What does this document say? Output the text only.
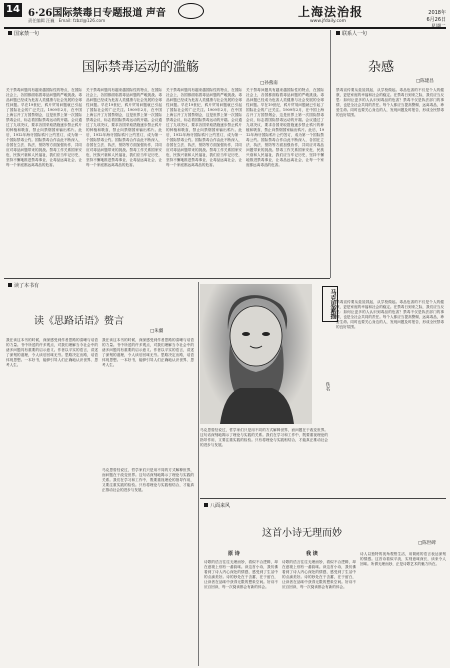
14 6·26国际禁毒日专题报道 声音
责任编辑 汪巍　Email: fzbzl@126.com
上海法治报	2018年
6月26日
www.jfdaily.com
国家禁一句
国际禁毒运动的滥觞
□孙燕南
关于禁毒问题具有越来越国际性的特点，在国际社会上，各国都面临着毒品问题的严峻挑战。毒品问题已经成为危害人类健康与社会发展的全球性问题。早在19世纪，鸦片贸易问题就已引起了国际社会的广泛关注。1909年2月，在中国上海召开了万国禁烟会，这是世界上第一次国际禁毒会议，标志着国际禁毒运动的开端。会议通过了九项决议，要求各国采取措施逐步禁止鸦片的种植和吸食，禁止向禁烟国家输出鸦片。此后，1912年海牙国际鸦片公约签订，成为第一个国际禁毒公约。国际禁毒合作由此不断深入，各国在立法、执法、预防等方面加强协作，共同应对毒品问题带来的挑战。禁毒工作关系国家安危、民族兴衰和人民福祉，我们应当牢记历史，坚持不懈地推进禁毒事业，让毒品远离社会，让每一个家庭都远离毒品的危害。
关于禁毒问题具有越来越国际性的特点，在国际社会上，各国都面临着毒品问题的严峻挑战。毒品问题已经成为危害人类健康与社会发展的全球性问题。早在19世纪，鸦片贸易问题就已引起了国际社会的广泛关注。1909年2月，在中国上海召开了万国禁烟会，这是世界上第一次国际禁毒会议，标志着国际禁毒运动的开端。会议通过了九项决议，要求各国采取措施逐步禁止鸦片的种植和吸食，禁止向禁烟国家输出鸦片。此后，1912年海牙国际鸦片公约签订，成为第一个国际禁毒公约。国际禁毒合作由此不断深入，各国在立法、执法、预防等方面加强协作，共同应对毒品问题带来的挑战。禁毒工作关系国家安危、民族兴衰和人民福祉，我们应当牢记历史，坚持不懈地推进禁毒事业，让毒品远离社会，让每一个家庭都远离毒品的危害。
关于禁毒问题具有越来越国际性的特点，在国际社会上，各国都面临着毒品问题的严峻挑战。毒品问题已经成为危害人类健康与社会发展的全球性问题。早在19世纪，鸦片贸易问题就已引起了国际社会的广泛关注。1909年2月，在中国上海召开了万国禁烟会，这是世界上第一次国际禁毒会议，标志着国际禁毒运动的开端。会议通过了九项决议，要求各国采取措施逐步禁止鸦片的种植和吸食，禁止向禁烟国家输出鸦片。此后，1912年海牙国际鸦片公约签订，成为第一个国际禁毒公约。国际禁毒合作由此不断深入，各国在立法、执法、预防等方面加强协作，共同应对毒品问题带来的挑战。禁毒工作关系国家安危、民族兴衰和人民福祉，我们应当牢记历史，坚持不懈地推进禁毒事业，让毒品远离社会，让每一个家庭都远离毒品的危害。
关于禁毒问题具有越来越国际性的特点，在国际社会上，各国都面临着毒品问题的严峻挑战。毒品问题已经成为危害人类健康与社会发展的全球性问题。早在19世纪，鸦片贸易问题就已引起了国际社会的广泛关注。1909年2月，在中国上海召开了万国禁烟会，这是世界上第一次国际禁毒会议，标志着国际禁毒运动的开端。会议通过了九项决议，要求各国采取措施逐步禁止鸦片的种植和吸食，禁止向禁烟国家输出鸦片。此后，1912年海牙国际鸦片公约签订，成为第一个国际禁毒公约。国际禁毒合作由此不断深入，各国在立法、执法、预防等方面加强协作，共同应对毒品问题带来的挑战。禁毒工作关系国家安危、民族兴衰和人民福祉，我们应当牢记历史，坚持不懈地推进禁毒事业，让毒品远离社会，让每一个家庭都远离毒品的危害。
联系人一句
杂感
□陈建昌
禁毒宣传要从娃娃抓起，从学校做起。毒品危害的不仅是个人的健康，更是家庭的幸福和社会的稳定。在禁毒日到来之际，我们应当反思：如何让更多的人认识到毒品的危害？禁毒不仅是执法部门的事情，也是全社会共同的责任。每个人都应当提高警惕，远离毒品，珍爱生命。同时也要关心身边的人，发现问题及时报告，形成全民禁毒的良好氛围。
禁毒宣传要从娃娃抓起，从学校做起。毒品危害的不仅是个人的健康，更是家庭的幸福和社会的稳定。在禁毒日到来之际，我们应当反思：如何让更多的人认识到毒品的危害？禁毒不仅是执法部门的事情，也是全社会共同的责任。每个人都应当提高警惕，远离毒品，珍爱生命。同时也要关心身边的人，发现问题及时报告，形成全民禁毒的良好氛围。
读了本书有
读《思路话语》赘言
□朱疆
我在读这本书的时候，深深感受到作者思路的清晰与话语的力量。书中所述的许多观点，对我们理解当今社会中的诸多问题具有重要的启示意义。作者以平实的语言，讲述了深刻的道理，令人读后回味无穷。思路决定出路，话语体现思想。一本好书，能够引导人们正确地认识世界、思考人生。
我在读这本书的时候，深深感受到作者思路的清晰与话语的力量。书中所述的许多观点，对我们理解当今社会中的诸多问题具有重要的启示意义。作者以平实的语言，讲述了深刻的道理，令人读后回味无穷。思路决定出路，话语体现思想。一本好书，能够引导人们正确地认识世界、思考人生。
马克思曾经说过，哲学家们只是用不同的方式解释世界，而问题在于改变世界。这句话深刻地揭示了理论与实践的关系。我们在学习和工作中，既要重视理论的指导作用，又要注重实践的检验。只有将理论与实践相结合，才能真正推动社会的进步与发展。
马克思素描
佚名
马克思曾经说过，哲学家们只是用不同的方式解释世界，而问题在于改变世界。这句话深刻地揭示了理论与实践的关系。我们在学习和工作中，既要重视理论的指导作用，又要注重实践的检验。只有将理论与实践相结合，才能真正推动社会的进步与发展。
八面来风
这首小诗无理而妙
□陈世碑
原 诗	我 读
诗歌的语言往往无理而妙，看似不合逻辑，却在意境上别有一番韵味。读这首小诗，我仿佛看到了诗人内心深处的情感，感受到了生活中的点滴美好。诗的妙处在于含蓄，在于留白，让读者在品味中获得无限的想象空间。好诗不厌百回读，每一次阅读都会有新的体会。
诗歌的语言往往无理而妙，看似不合逻辑，却在意境上别有一番韵味。读这首小诗，我仿佛看到了诗人内心深处的情感，感受到了生活中的点滴美好。诗的妙处在于含蓄，在于留白，让读者在品味中获得无限的想象空间。好诗不厌百回读，每一次阅读都会有新的体会。
诗人以独特的视角观察生活，用简练的语言表达深刻的情感。这首诗看似平淡，实则意味深长，读来令人回味。所谓无理而妙，正是诗歌艺术的魅力所在。
